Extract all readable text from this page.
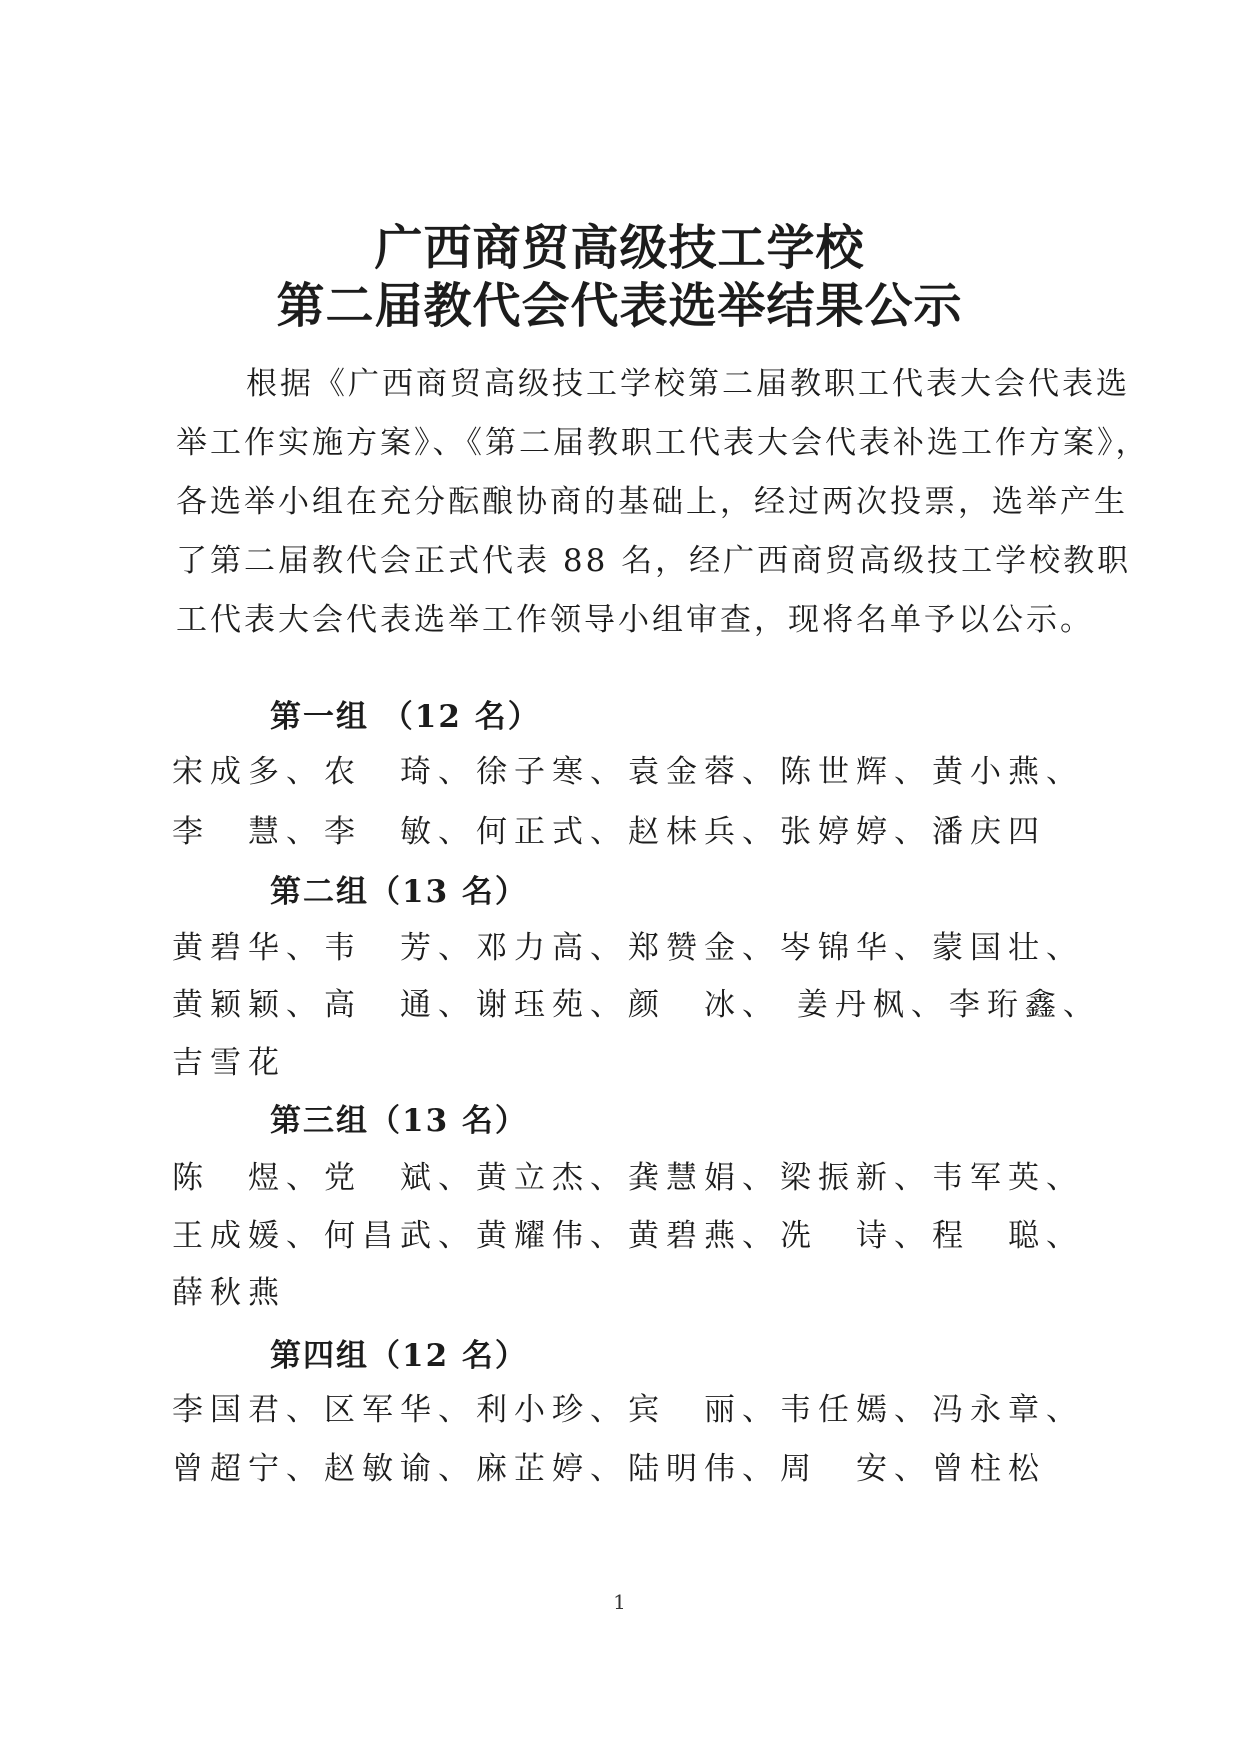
广西商贸高级技工学校
第二届教代会代表选举结果公示
根据《广西商贸高级技工学校第二届教职工代表大会代表选
举工作实施方案》、《第二届教职工代表大会代表补选工作方案》，
各选举小组在充分酝酿协商的基础上，经过两次投票，选举产生
了第二届教代会正式代表 88 名，经广西商贸高级技工学校教职
工代表大会代表选举工作领导小组审查，现将名单予以公示。
第一组 （12 名）
宋成多、农　琦、徐子寒、袁金蓉、陈世辉、黄小燕、
李　慧、李　敏、何正式、赵枺兵、张婷婷、潘庆四
第二组（13 名）
黄碧华、韦　芳、邓力高、郑赞金、岑锦华、蒙国壮、
黄颖颖、高　通、谢珏苑、颜　冰、 姜丹枫、李珩鑫、
吉雪花
第三组（13 名）
陈　煜、党　斌、黄立杰、龚慧娟、梁振新、韦军英、
王成媛、何昌武、黄耀伟、黄碧燕、冼　诗、程　聪、
薛秋燕
第四组（12 名）
李国君、区军华、利小珍、宾　丽、韦任嫣、冯永章、
曾超宁、赵敏谕、麻芷婷、陆明伟、周　安、曾柱松
1
